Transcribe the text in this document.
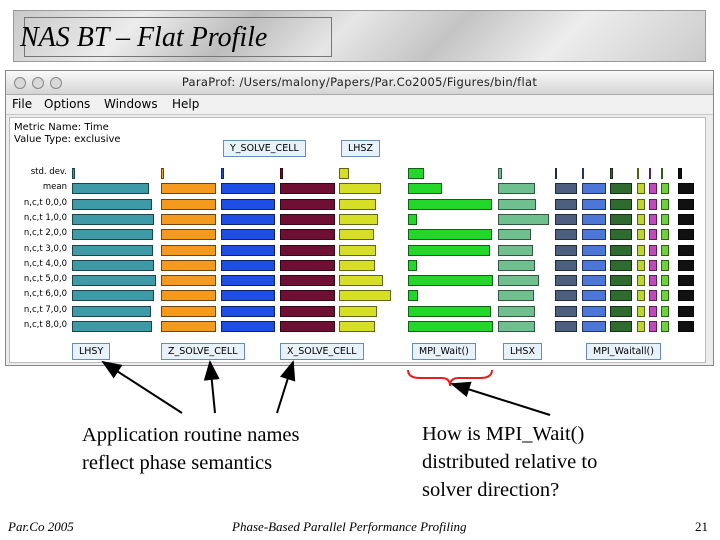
NAS BT – Flat Profile
ParaProf: /Users/malony/Papers/Par.Co2005/Figures/bin/flat
File Options Windows Help
Metric Name: Time
Value Type: exclusive
std. dev.
mean
n,c,t 0,0,0
n,c,t 1,0,0
n,c,t 2,0,0
n,c,t 3,0,0
n,c,t 4,0,0
n,c,t 5,0,0
n,c,t 6,0,0
n,c,t 7,0,0
n,c,t 8,0,0
Y_SOLVE_CELL	LHSZ
LHSY	Z_SOLVE_CELL	X_SOLVE_CELL	MPI_Wait()	LHSX	MPI_Waitall()
Application routine names
reflect phase semantics
How is MPI_Wait()
distributed relative to
solver direction?
Par.Co 2005	Phase-Based Parallel Performance Profiling	21
